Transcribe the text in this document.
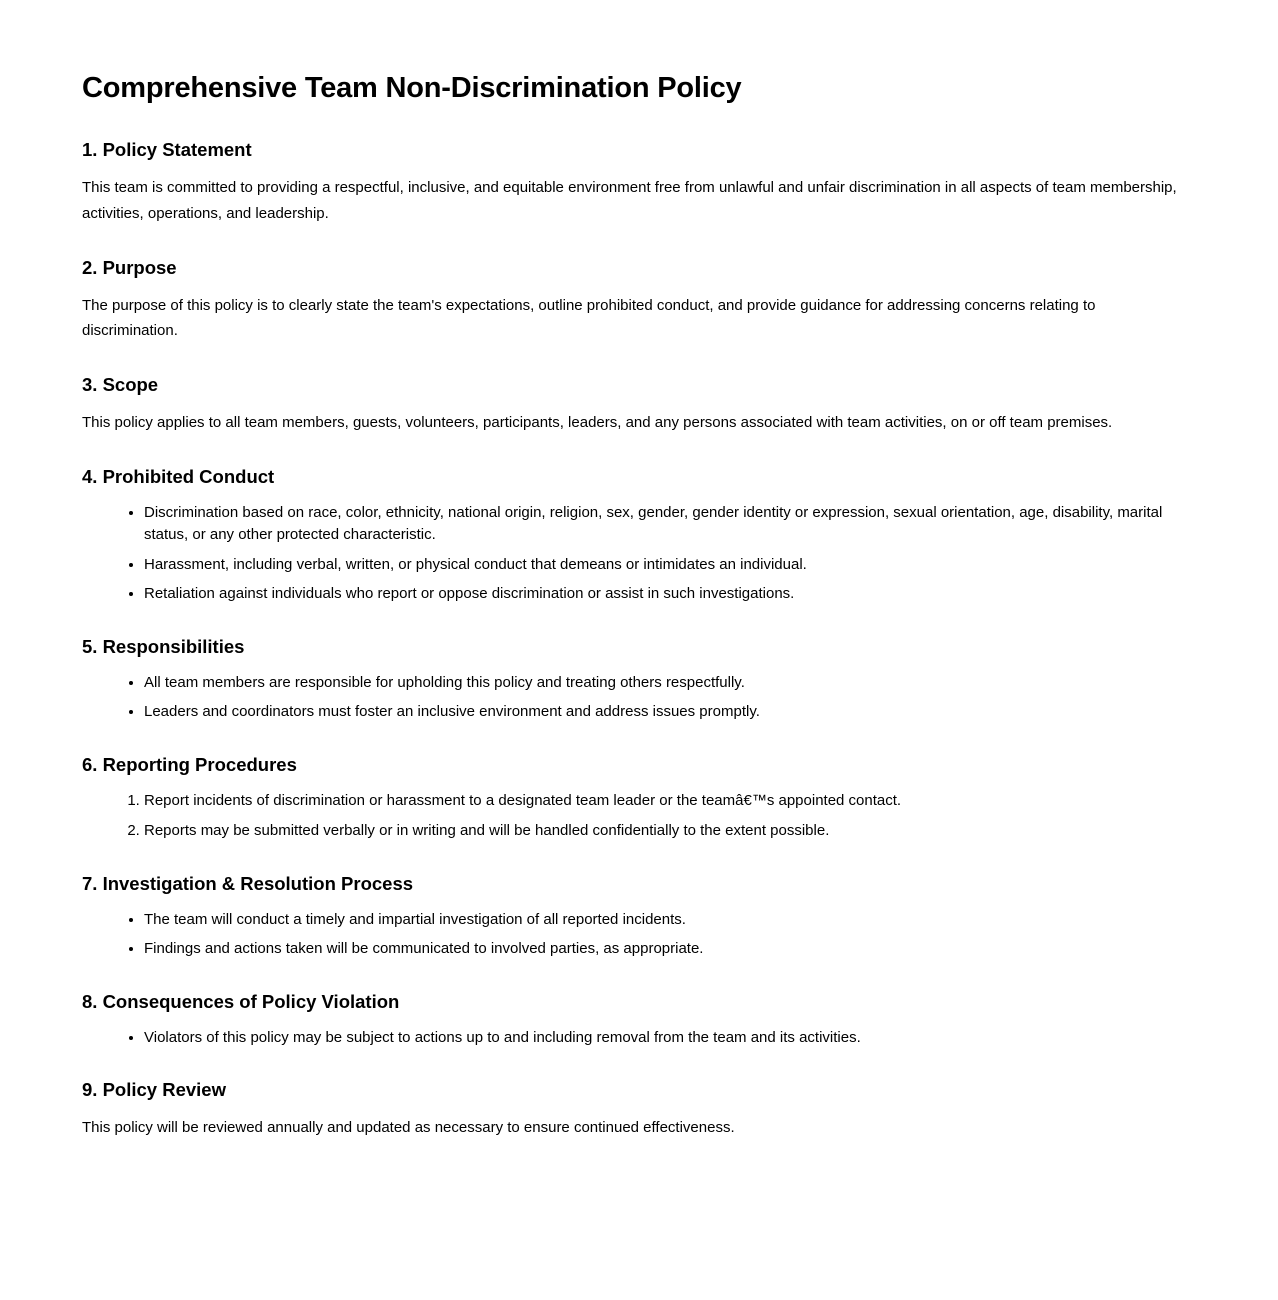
Comprehensive Team Non-Discrimination Policy
1. Policy Statement

This team is committed to providing a respectful, inclusive, and equitable environment free from unlawful and unfair discrimination in all aspects of team membership, activities, operations, and leadership.

2. Purpose

The purpose of this policy is to clearly state the team's expectations, outline prohibited conduct, and provide guidance for addressing concerns relating to discrimination.

3. Scope

This policy applies to all team members, guests, volunteers, participants, leaders, and any persons associated with team activities, on or off team premises.

4. Prohibited Conduct
• Discrimination based on race, color, ethnicity, national origin, religion, sex, gender, gender identity or expression, sexual orientation, age, disability, marital status, or any other protected characteristic.
• Harassment, including verbal, written, or physical conduct that demeans or intimidates an individual.
• Retaliation against individuals who report or oppose discrimination or assist in such investigations.
5. Responsibilities
• All team members are responsible for upholding this policy and treating others respectfully.
• Leaders and coordinators must foster an inclusive environment and address issues promptly.
6. Reporting Procedures
1. Report incidents of discrimination or harassment to a designated team leader or the teamâ€™s appointed contact.
2. Reports may be submitted verbally or in writing and will be handled confidentially to the extent possible.
7. Investigation & Resolution Process
• The team will conduct a timely and impartial investigation of all reported incidents.
• Findings and actions taken will be communicated to involved parties, as appropriate.
8. Consequences of Policy Violation
• Violators of this policy may be subject to actions up to and including removal from the team and its activities.
9. Policy Review

This policy will be reviewed annually and updated as necessary to ensure continued effectiveness.
